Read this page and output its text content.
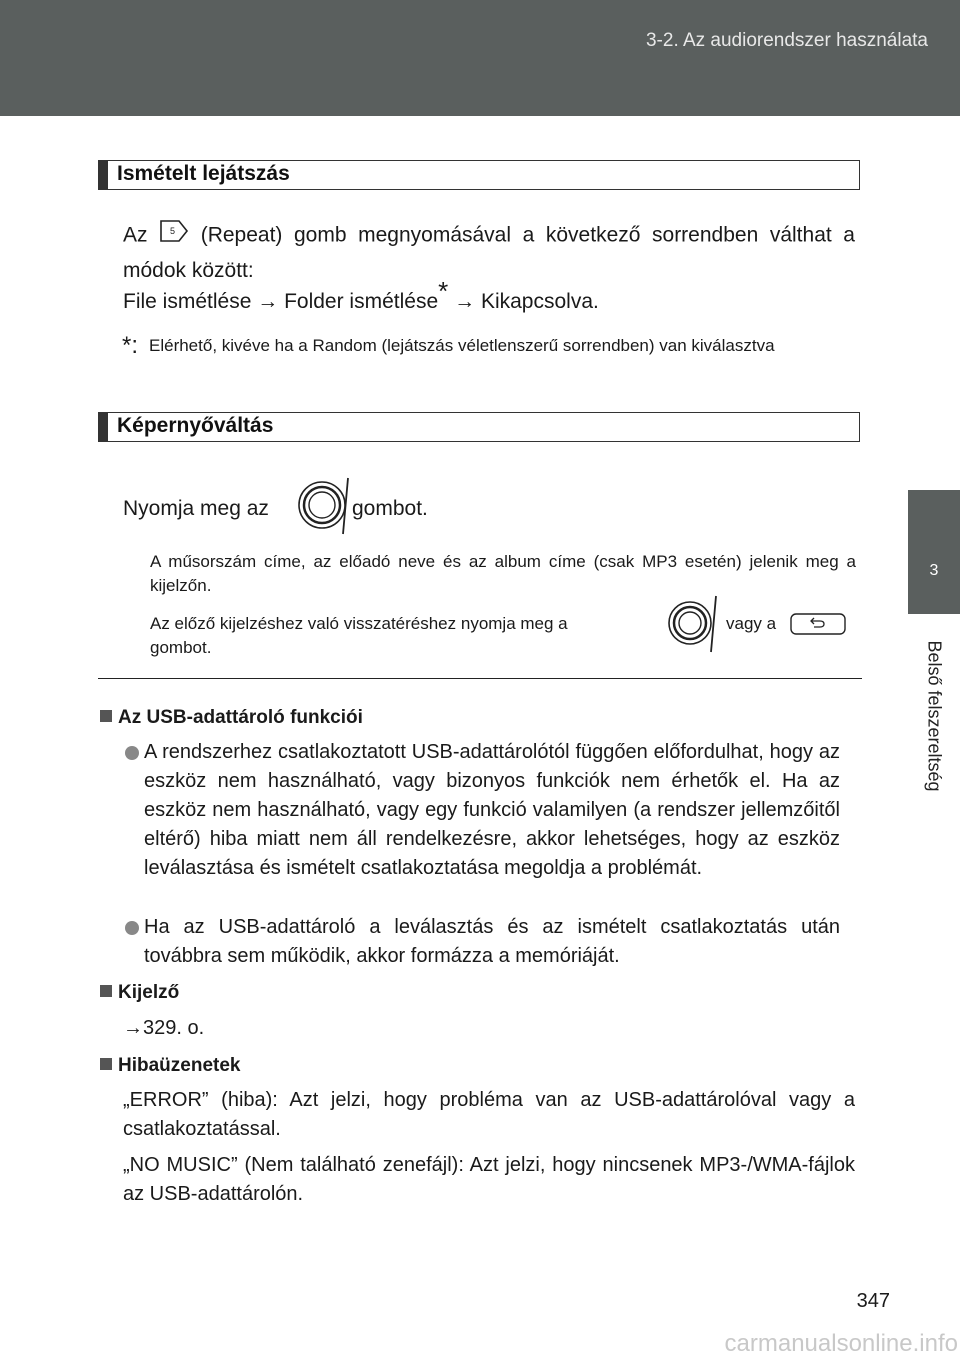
3-2. Az audiorendszer használata
3
Belső felszereltség
Ismételt lejátszás
Az	5 (Repeat) gomb megnyomásával a következő sorrendben válthat a módok között:
File ismétlése → Folder ismétlése* → Kikapcsolva.
*: Elérhető, kivéve ha a Random (lejátszás véletlenszerű sorrendben) van kiválasztva
Képernyőváltás
Nyomja meg az	gombot.
A műsorszám címe, az előadó neve és az album címe (csak MP3 esetén) jelenik meg a kijelzőn.
Az előző kijelzéshez való visszatéréshez nyomja meg a	vagy a
gombot.
Az USB-adattároló funkciói
A rendszerhez csatlakoztatott USB-adattárolótól függően előfordulhat, hogy az eszköz nem használható, vagy bizonyos funkciók nem érhetők el. Ha az eszköz nem használható, vagy egy funkció valamilyen (a rendszer jellemzőitől eltérő) hiba miatt nem áll rendelkezésre, akkor lehetséges, hogy az eszköz leválasztása és ismételt csatlakoztatása megoldja a problémát.
Ha az USB-adattároló a leválasztás és az ismételt csatlakoztatás után továbbra sem működik, akkor formázza a memóriáját.
Kijelző
→329. o.
Hibaüzenetek
„ERROR” (hiba): Azt jelzi, hogy probléma van az USB-adattárolóval vagy a csatlakoztatással.
„NO MUSIC” (Nem található zenefájl): Azt jelzi, hogy nincsenek MP3-/WMA-fájlok az USB-adattárolón.
347
carmanualsonline.info
